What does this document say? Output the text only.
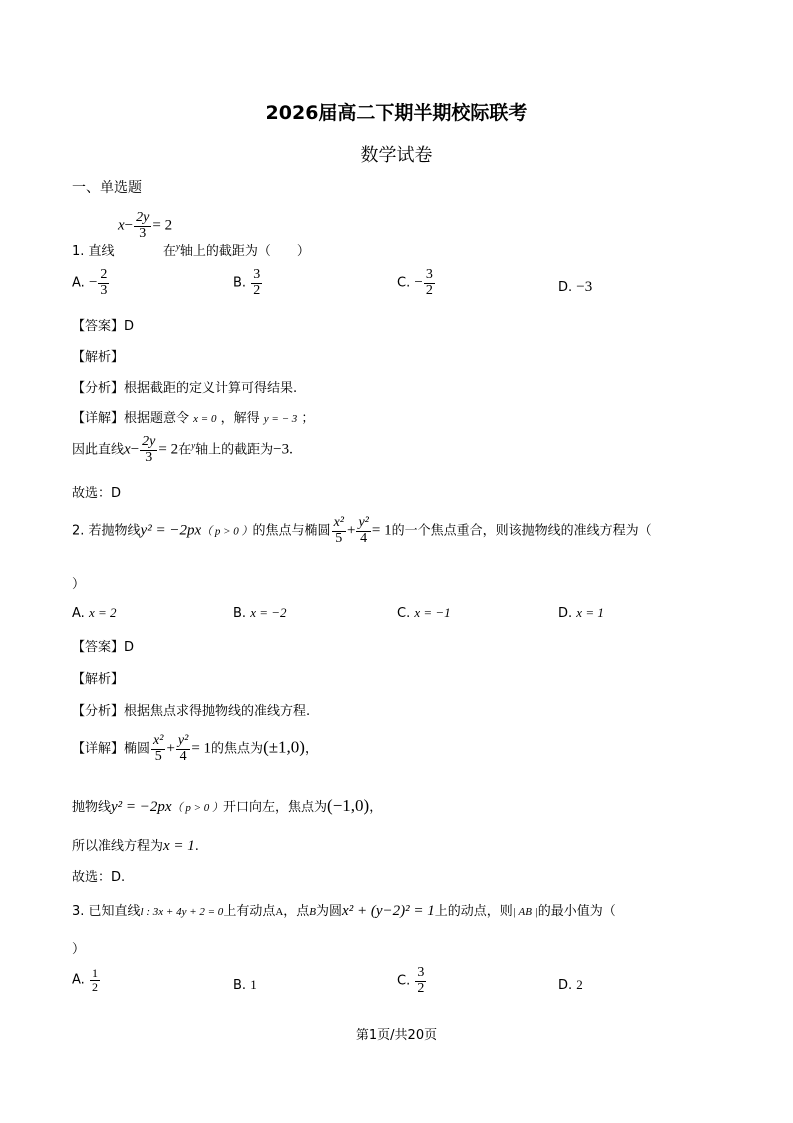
2026届高二下期半期校际联考
数学试卷
一、单选题
$x- \frac{2y}{3} = 2$
1. 直线	在$^y$轴上的截距为（　　）
A. − $\frac{2}{3}$	B. $\frac{3}{2}$	C. − $\frac{3}{2}$	D. −3
【答案】D
【解析】
【分析】根据截距的定义计算可得结果.
【详解】根据题意令 x = 0 ，解得 y = − 3 ；
因此直线$x- \frac{2y}{3} = 2$在$^y$轴上的截距为−3.
故选：D
2. 若抛物线y² = −2px（ p > 0 ）的焦点与椭圆 $\frac{\text{x²}}{5} + \frac{\text{y²}}{4} = 1$的一个焦点重合，则该抛物线的准线方程为（
）
A. x = 2	B. x = −2	C. x = −1	D. x = 1
【答案】D
【解析】
【分析】根据焦点求得抛物线的准线方程.
【详解】椭圆 $\frac{\text{x²}}{5} + \frac{\text{y²}}{4} = 1$的焦点为(±1,0)，
抛物线y² = −2px（ p > 0 ）开口向左，焦点为(−1,0)，
所以准线方程为x = 1.
故选：D.
3. 已知直线l : 3x + 4y + 2 = 0上有动点A，点B为圆x² + (y−2)² = 1上的动点，则| AB |的最小值为（
）
A. $\frac{1}{2}$	B. 1	C. $\frac{3}{2}$	D. 2
第1页/共20页
